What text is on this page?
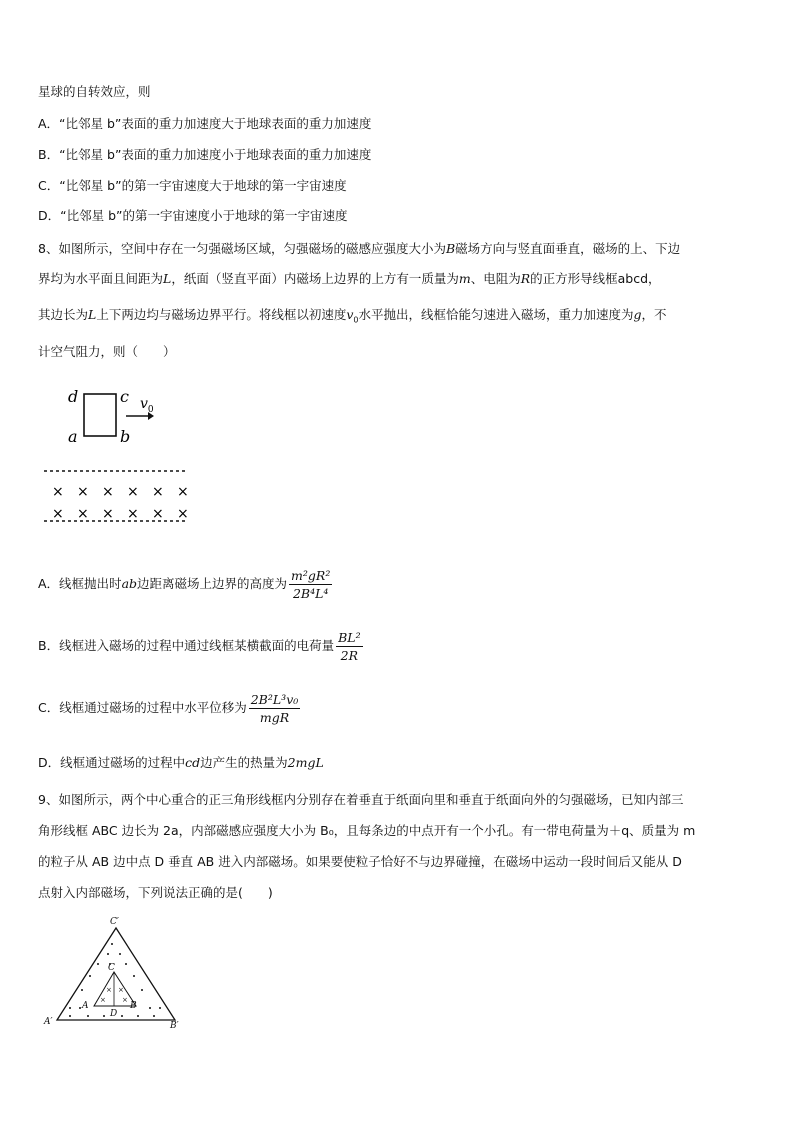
星球的自转效应，则
A．“比邻星 b”表面的重力加速度大于地球表面的重力加速度
B．“比邻星 b”表面的重力加速度小于地球表面的重力加速度
C．“比邻星 b”的第一宇宙速度大于地球的第一宇宙速度
D．“比邻星 b”的第一宇宙速度小于地球的第一宇宙速度
8、如图所示，空间中存在一匀强磁场区域，匀强磁场的磁感应强度大小为B磁场方向与竖直面垂直，磁场的上、下边
界均为水平面且间距为L，纸面（竖直平面）内磁场上边界的上方有一质量为m、电阻为R的正方形导线框abcd，
其边长为L上下两边均与磁场边界平行。将线框以初速度$v_0$水平抛出，线框恰能匀速进入磁场，重力加速度为g，不
计空气阻力，则（　　）
d	c
a	b
$v_0$
× × × × × ×
× × × × × ×
A．线框抛出时ab边距离磁场上边界的高度为 $\frac{\text{m²gR²}}{\text{2B⁴L⁴}}$
B．线框进入磁场的过程中通过线框某横截面的电荷量 $\frac{\text{BL²}}{2R}$
C．线框通过磁场的过程中水平位移为 $\frac{\text{2B²L³v₀}}{\text{mgR}}$
D．线框通过磁场的过程中cd边产生的热量为2mgL
9、如图所示，两个中心重合的正三角形线框内分别存在着垂直于纸面向里和垂直于纸面向外的匀强磁场，已知内部三
角形线框 ABC 边长为 2a，内部磁感应强度大小为 B₀，且每条边的中点开有一个小孔。有一带电荷量为＋q、质量为 m
的粒子从 AB 边中点 D 垂直 AB 进入内部磁场。如果要使粒子恰好不与边界碰撞，在磁场中运动一段时间后又能从 D
点射入内部磁场，下列说法正确的是(　　)
× ×
× ×
C′
A′	B′
C
A	B
D
